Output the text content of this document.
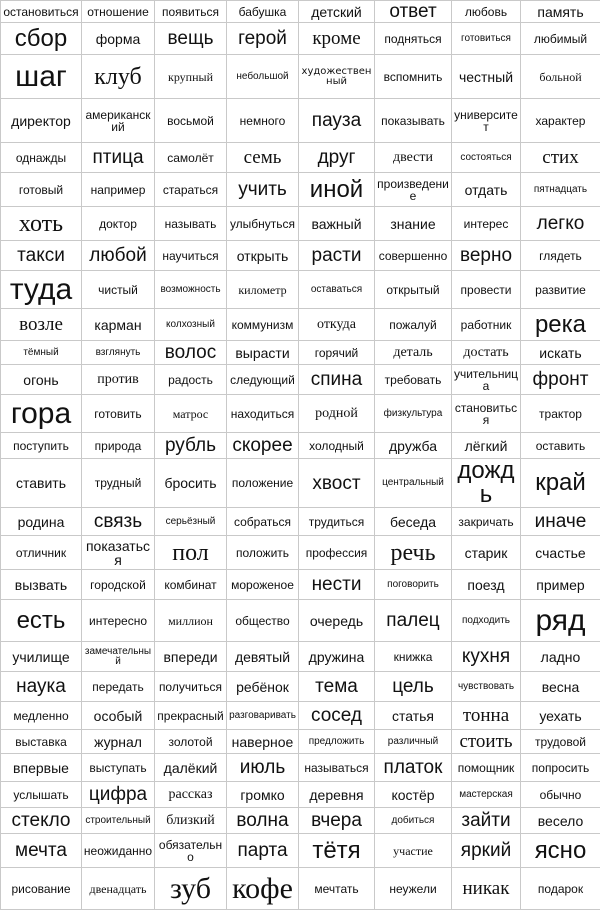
остановиться	отношение	появиться	бабушка	детский	ответ	любовь	память
сбор	форма	вещь	герой	кроме	подняться	готовиться	любимый
шаг	клуб	крупный	небольшой	художественный	вспомнить	честный	больной
директор	американский	восьмой	немного	пауза	показывать	университет	характер
однажды	птица	самолёт	семь	друг	двести	состояться	стих
готовый	например	стараться	учить	иной	произведение	отдать	пятнадцать
хоть	доктор	называть	улыбнуться	важный	знание	интерес	легко
такси	любой	научиться	открыть	расти	совершенно	верно	глядеть
туда	чистый	возможность	километр	оставаться	открытый	провести	развитие
возле	карман	колхозный	коммунизм	откуда	пожалуй	работник	река
тёмный	взглянуть	волос	вырасти	горячий	деталь	достать	искать
огонь	против	радость	следующий	спина	требовать	учительница	фронт
гора	готовить	матрос	находиться	родной	физкультура	становиться	трактор
поступить	природа	рубль	скорее	холодный	дружба	лёгкий	оставить
ставить	трудный	бросить	положение	хвост	центральный	дождь	край
родина	связь	серьёзный	собраться	трудиться	беседа	закричать	иначе
отличник	показаться	пол	положить	профессия	речь	старик	счастье
вызвать	городской	комбинат	мороженое	нести	поговорить	поезд	пример
есть	интересно	миллион	общество	очередь	палец	подходить	ряд
училище	замечательный	впереди	девятый	дружина	книжка	кухня	ладно
наука	передать	получиться	ребёнок	тема	цель	чувствовать	весна
медленно	особый	прекрасный	разговаривать	сосед	статья	тонна	уехать
выставка	журнал	золотой	наверное	предложить	различный	стоить	трудовой
впервые	выступать	далёкий	июль	называться	платок	помощник	попросить
услышать	цифра	рассказ	громко	деревня	костёр	мастерская	обычно
стекло	строительный	близкий	волна	вчера	добиться	зайти	весело
мечта	неожиданно	обязательно	парта	тётя	участие	яркий	ясно
рисование	двенадцать	зуб	кофе	мечтать	неужели	никак	подарок
